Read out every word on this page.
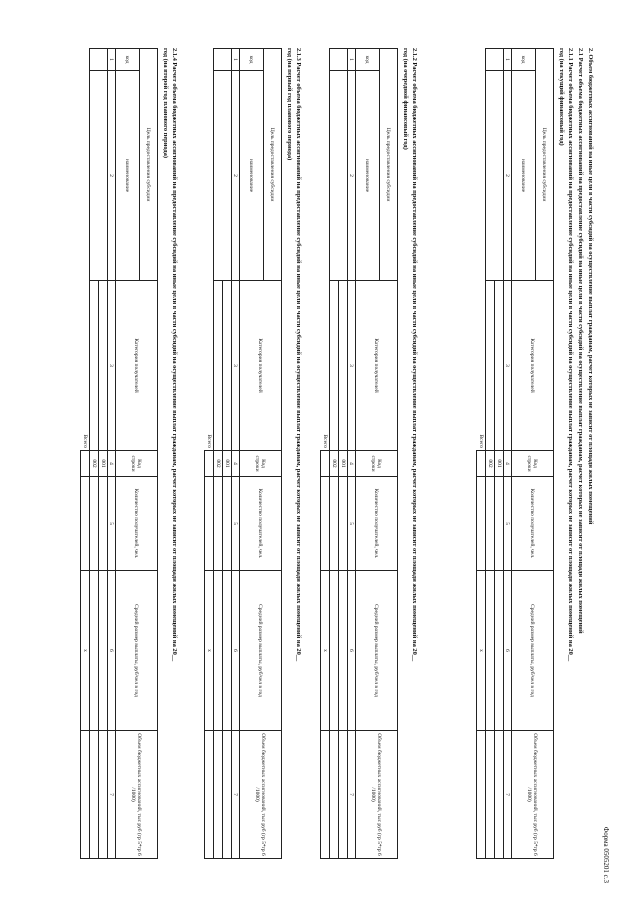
Форма 0505201 с.3
2. Объем бюджетных ассигнований на иные цели в части субсидий на осуществление выплат гражданам, расчет которых не зависит от площади жилых помещений
2.1 Расчет объема бюджетных ассигнований на предоставление субсидий на иные цели в части субсидий на осуществление выплат гражданам, расчет которых не зависит от площади жилых помещений
2.1.1 Расчет объема бюджетных ассигнований на предоставление субсидий на иные цели в части субсидий на осуществление выплат гражданам, расчет которых не зависит от площади жилых помещений на 20__
год (на текущий финансовый год)
Цель предоставления субсидии		Категория получателей	Код строки	Количество получателей, чел.	Средний размер выплаты, руб/чел в год	Объем бюджетных ассигнований, тыс руб (гр 5*гр 6 /1000)
код	наименование					
1	2	3	4	5	6	7
			001			
			002			
		Всего			x	
2.1.2 Расчет объема бюджетных ассигнований на предоставление субсидий на иные цели в части субсидий на осуществление выплат гражданам, расчет которых не зависит от площади жилых помещений на 20__
год (на очередной финансовый год)
Цель предоставления субсидии		Категория получателей	Код строки	Количество получателей, чел.	Средний размер выплаты, руб/чел в год	Объем бюджетных ассигнований, тыс руб (гр 5*гр 6 /1000)
код	наименование					
1	2	3	4	5	6	7
			001			
			002			
		Всего			x	
2.1.3 Расчет объема бюджетных ассигнований на предоставление субсидий на иные цели в части субсидий на осуществление выплат гражданам, расчет которых не зависит от площади жилых помещений на 20__
год (на первый год планового периода)
Цель предоставления субсидии		Категория получателей	Код строки	Количество получателей, чел.	Средний размер выплаты, руб/чел в год	Объем бюджетных ассигнований, тыс руб (гр 5*гр 6 /1000)
код	наименование					
1	2	3	4	5	6	7
			001			
			002			
		Всего			x	
2.1.4 Расчет объема бюджетных ассигнований на предоставление субсидий на иные цели в части субсидий на осуществление выплат гражданам, расчет которых не зависит от площади жилых помещений на 20__
год (на второй год планового периода)
Цель предоставления субсидии		Категория получателей	Код строки	Количество получателей, чел.	Средний размер выплаты, руб/чел в год	Объем бюджетных ассигнований, тыс руб (гр 5*гр 6 /1000)
код	наименование					
1	2	3	4	5	6	7
			001			
			002			
		Всего			x	
